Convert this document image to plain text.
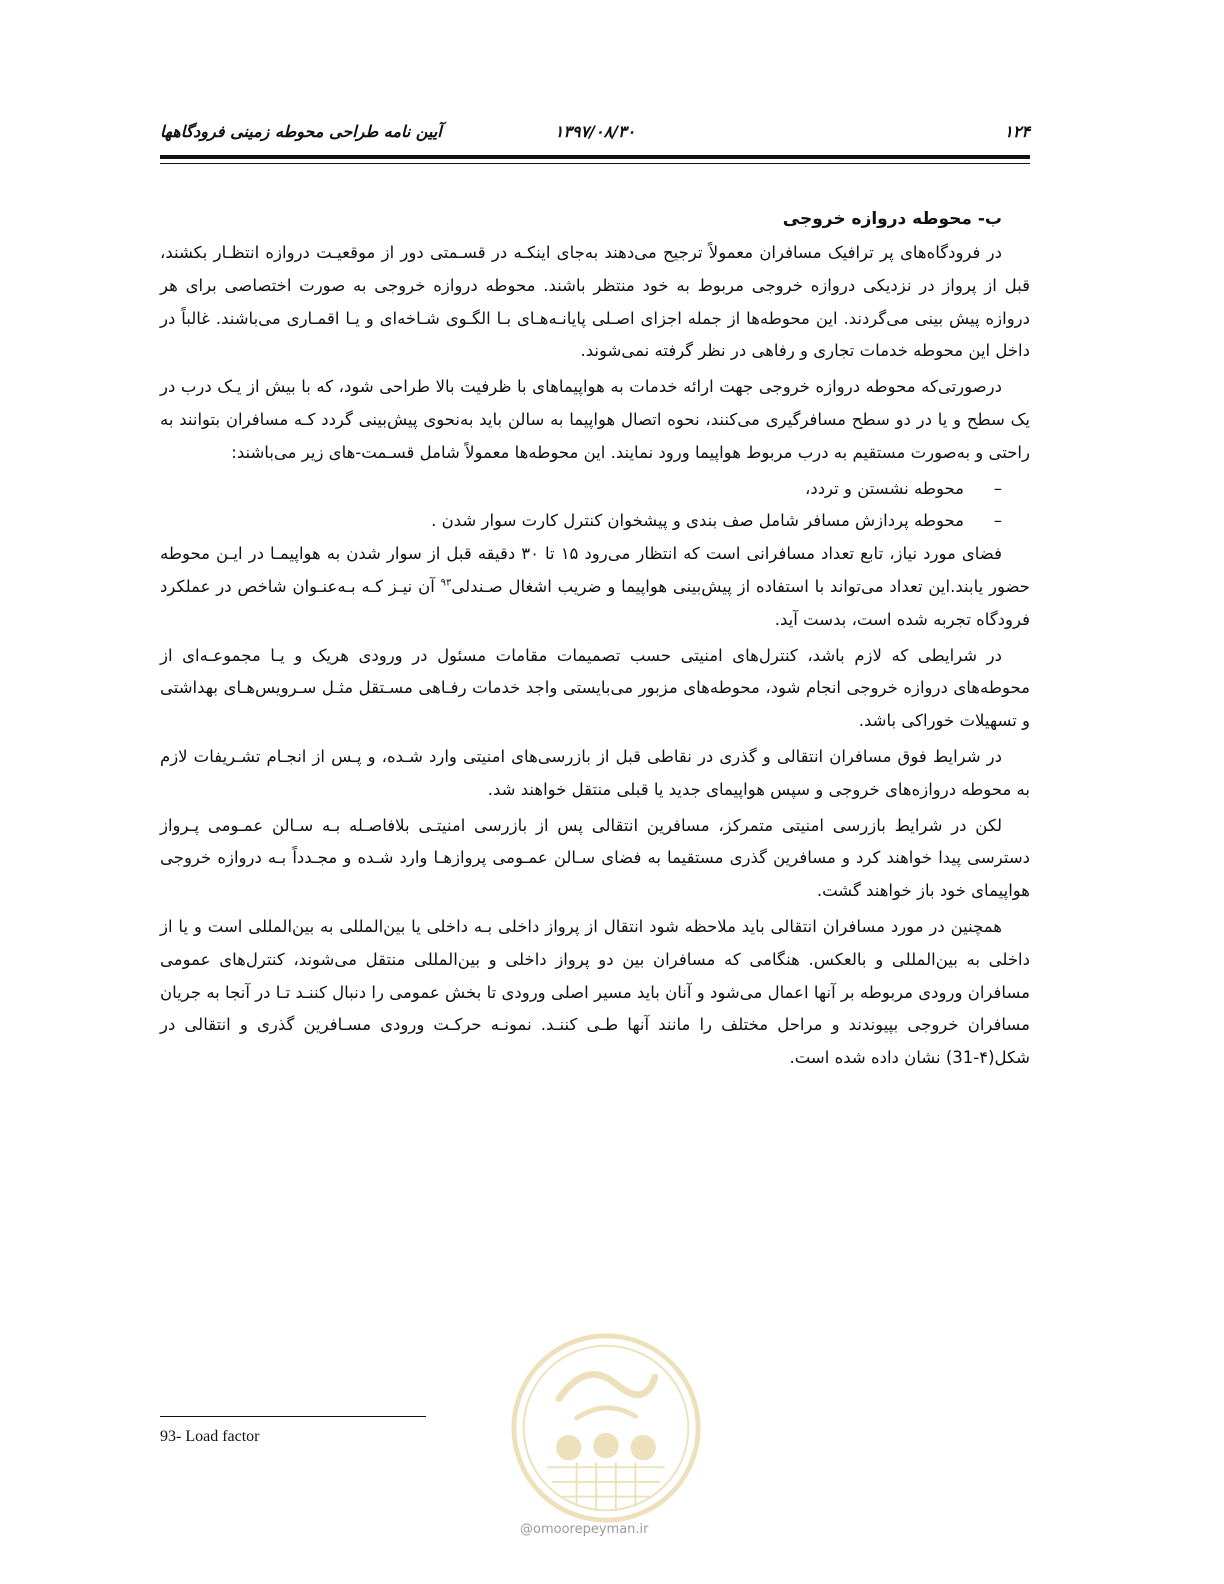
۱۲۴
۱۳۹۷/۰۸/۳۰
آیین نامه طراحی محوطه زمینی فرودگاهها
ب- محوطه دروازه خروجی

در فرودگاه‌های پر ترافیک مسافران معمولاً ترجیح می‌دهند به‌جای اینکـه در قسـمتی دور از موقعیـت دروازه انتظـار بکشند، قبل از پرواز در نزدیکی دروازه خروجی مربوط به خود منتظر باشند. محوطه دروازه خروجی به صورت اختصاصی برای هر دروازه پیش بینی می‌گردند. این محوطه‌ها از جمله اجزای اصـلی پایانـه‌هـای بـا الگـوی شـاخه‌ای و یـا اقمـاری می‌باشند. غالباً در داخل این محوطه خدمات تجاری و رفاهی در نظر گرفته نمی‌شوند.

درصورتی‌که محوطه دروازه خروجی جهت ارائه خدمات به هواپیماهای با ظرفیت بالا طراحی شود، که با بیش از یـک درب در یک سطح و یا در دو سطح مسافرگیری می‌کنند، نحوه اتصال هواپیما به سالن باید به‌نحوی پیش‌بینی گردد کـه مسافران بتوانند به راحتی و به‌صورت مستقیم به درب مربوط هواپیما ورود نمایند. این محوطه‌ها معمولاً شامل قسـمت-های زیر می‌باشند:

– محوطه نشستن و تردد،
– محوطه پردازش مسافر شامل صف بندی و پیشخوان کنترل کارت سوار شدن .

فضای مورد نیاز، تابع تعداد مسافرانی است که انتظار می‌رود ۱۵ تا ۳۰ دقیقه قبل از سوار شدن به هواپیمـا در ایـن محوطه حضور یابند.این تعداد می‌تواند با استفاده از پیش‌بینی هواپیما و ضریب اشغال صـندلی$^{۹۳}$ آن نیـز کـه بـه‌عنـوان شاخص در عملکرد فرودگاه تجربه شده است، بدست آید.

در شرایطی که لازم باشد، کنترل‌های امنیتی حسب تصمیمات مقامات مسئول در ورودی هریک و یـا مجموعـه‌ای از محوطه‌های دروازه خروجی انجام شود، محوطه‌های مزبور می‌بایستی واجد خدمات رفـاهی مسـتقل مثـل سـرویس‌هـای بهداشتی و تسهیلات خوراکی باشد.

در شرایط فوق مسافران انتقالی و گذری در نقاطی قبل از بازرسی‌های امنیتی وارد شـده، و پـس از انجـام تشـریفات لازم به محوطه دروازه‌های خروجی و سپس هواپیمای جدید یا قبلی منتقل خواهند شد.

لکن در شرایط بازرسی امنیتی متمرکز، مسافرین انتقالی پس از بازرسی امنیتـی بلافاصـله بـه سـالن عمـومی پـرواز دسترسی پیدا خواهند کرد و مسافرین گذری مستقیما به فضای سـالن عمـومی پروازهـا وارد شـده و مجـدداً بـه دروازه خروجی هواپیمای خود باز خواهند گشت.

همچنین در مورد مسافران انتقالی باید ملاحظه شود انتقال از پرواز داخلی بـه داخلی یا بین‌المللی به بین‌المللی است و یا از داخلی به بین‌المللی و بالعکس. هنگامی که مسافران بین دو پرواز داخلی و بین‌المللی منتقل می‌شوند، کنترل‌های عمومی مسافران ورودی مربوطه بر آنها اعمال می‌شود و آنان باید مسیر اصلی ورودی تا بخش عمومی را دنبال کننـد تـا در آنجا به جریان مسافران خروجی بپیوندند و مراحل مختلف را مانند آنها طـی کننـد. نمونـه حرکـت ورودی مسـافرین گذری و انتقالی در شکل(۴-31) نشان داده شده است.

@omoorepeyman.ir
93- Load factor
